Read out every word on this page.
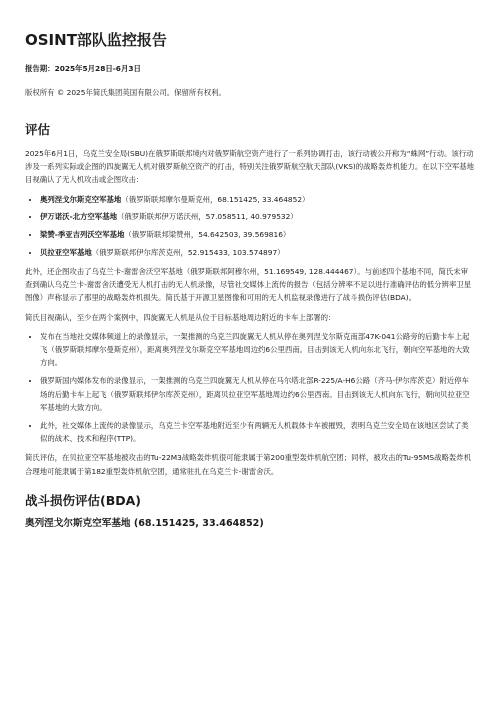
OSINT部队监控报告
报告期：2025年5月28日-6月3日
版权所有 © 2025年简氏集团英国有限公司。保留所有权利。
评估

2025年6月1日，乌克兰安全局(SBU)在俄罗斯联邦境内对俄罗斯航空资产进行了一系列协调打击，该行动被公开称为“蛛网”行动。该行动涉及一系列实际或企图的四旋翼无人机对俄罗斯航空资产的打击，特别关注俄罗斯航空航天部队(VKS)的战略轰炸机能力。在以下空军基地目视确认了无人机攻击或企图攻击：

• 奥列涅戈尔斯克空军基地（俄罗斯联邦摩尔曼斯克州，68.151425, 33.464852）
• 伊万诺沃-北方空军基地（俄罗斯联邦伊万诺沃州，57.058511, 40.979532）
• 梁赞-季亚吉列沃空军基地（俄罗斯联邦梁赞州，54.642503, 39.569816）
• 贝拉亚空军基地（俄罗斯联邦伊尔库茨克州，52.915433, 103.574897）

此外，还企图攻击了乌克兰卡-谢雷舍沃空军基地（俄罗斯联邦阿穆尔州，51.169549, 128.444467）。与前述四个基地不同，简氏未审查到确认乌克兰卡-谢雷舍沃遭受无人机打击的无人机录像，尽管社交媒体上流传的报告（包括分辨率不足以进行准确评估的低分辨率卫星图像）声称显示了那里的战略轰炸机损失。简氏基于开源卫星图像和可用的无人机监视录像进行了战斗损伤评估(BDA)。

简氏目视确认，至少在两个案例中，四旋翼无人机是从位于目标基地周边附近的卡车上部署的：

• 发布在当地社交媒体频道上的录像显示，一架推测的乌克兰四旋翼无人机从停在奥列涅戈尔斯克南部47K-041公路旁的后勤卡车上起飞（俄罗斯联邦摩尔曼斯克州），距离奥列涅戈尔斯克空军基地周边约6公里西南。目击到该无人机向东北飞行，朝向空军基地的大致方向。
• 俄罗斯国内媒体发布的录像显示，一架推测的乌克兰四旋翼无人机从停在马尔塔北部R-225/A-H6公路（齐马-伊尔库茨克）附近停车场的后勤卡车上起飞（俄罗斯联邦伊尔库茨克州），距离贝拉亚空军基地周边约6公里西南。目击到该无人机向东飞行，朝向贝拉亚空军基地的大致方向。
• 此外，社交媒体上流传的录像显示，乌克兰卡空军基地附近至少有两辆无人机载体卡车被摧毁，表明乌克兰安全局在该地区尝试了类似的战术、技术和程序(TTP)。

简氏评估，在贝拉亚空军基地被攻击的Tu-22M3战略轰炸机很可能隶属于第200重型轰炸机航空团；同样，被攻击的Tu-95MS战略轰炸机合理地可能隶属于第182重型轰炸机航空团，通常驻扎在乌克兰卡-谢雷舍沃。

战斗损伤评估(BDA)
奥列涅戈尔斯克空军基地 (68.151425, 33.464852)
